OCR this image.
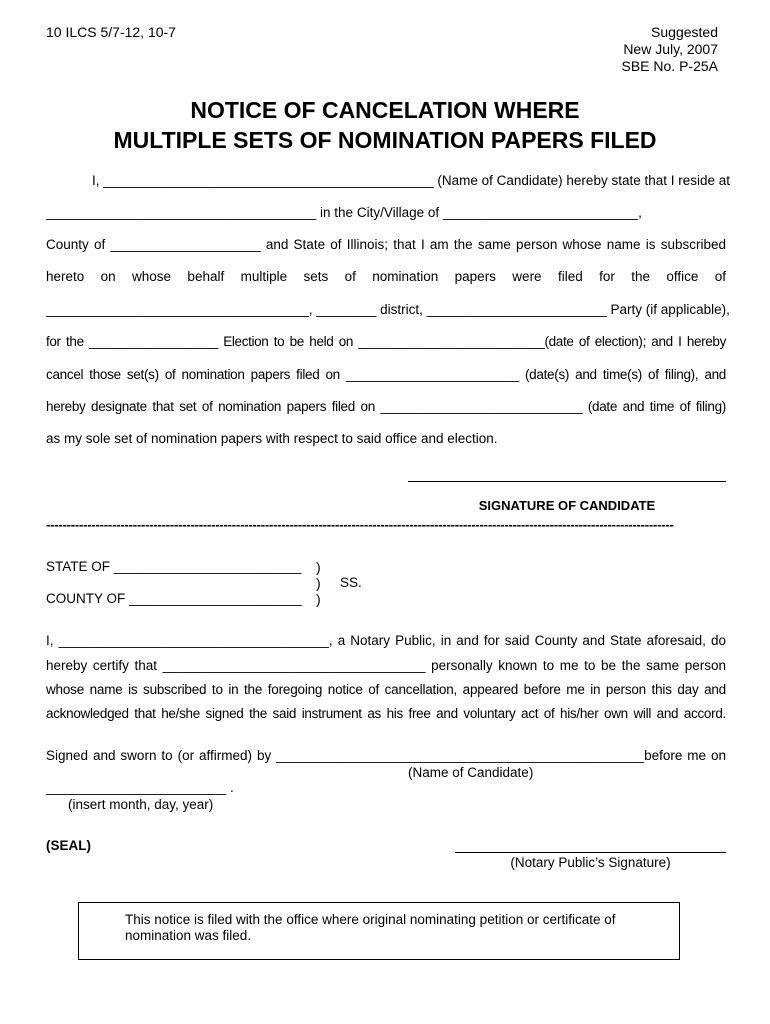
10 ILCS 5/7-12, 10-7	Suggested
New July, 2007
SBE No. P-25A
NOTICE OF CANCELATION WHERE
MULTIPLE SETS OF NOMINATION PAPERS FILED
I, ____________________________________________ (Name of Candidate) hereby state that I reside at
____________________________________ in the City/Village of __________________________,
County of ____________________ and State of Illinois; that I am the same person whose name is subscribed
hereto on whose behalf multiple sets of nomination papers were filed for the office of
___________________________________, ________ district, ________________________ Party (if applicable),
for the __________________ Election to be held on __________________________(date of election); and I hereby
cancel those set(s) of nomination papers filed on ________________________ (date(s) and time(s) of filing), and
hereby designate that set of nomination papers filed on ____________________________ (date and time of filing)
as my sole set of nomination papers with respect to said office and election.
SIGNATURE OF CANDIDATE
--------------------------------------------------------------------------------------------------------------------------------------------------------
STATE OF _________________________
COUNTY OF _______________________
)
)
)
SS.
I, ____________________________________, a Notary Public, in and for said County and State aforesaid, do
hereby certify that ___________________________________ personally known to me to be the same person
whose name is subscribed to in the foregoing notice of cancellation, appeared before me in person this day and
acknowledged that he/she signed the said instrument as his free and voluntary act of his/her own will and accord.
Signed and sworn to (or affirmed) by _________________________________________________before me on
(Name of Candidate)
________________________ .
(insert month, day, year)
(SEAL)
(Notary Public’s Signature)
This notice is filed with the office where original nominating petition or certificate of nomination was filed.
